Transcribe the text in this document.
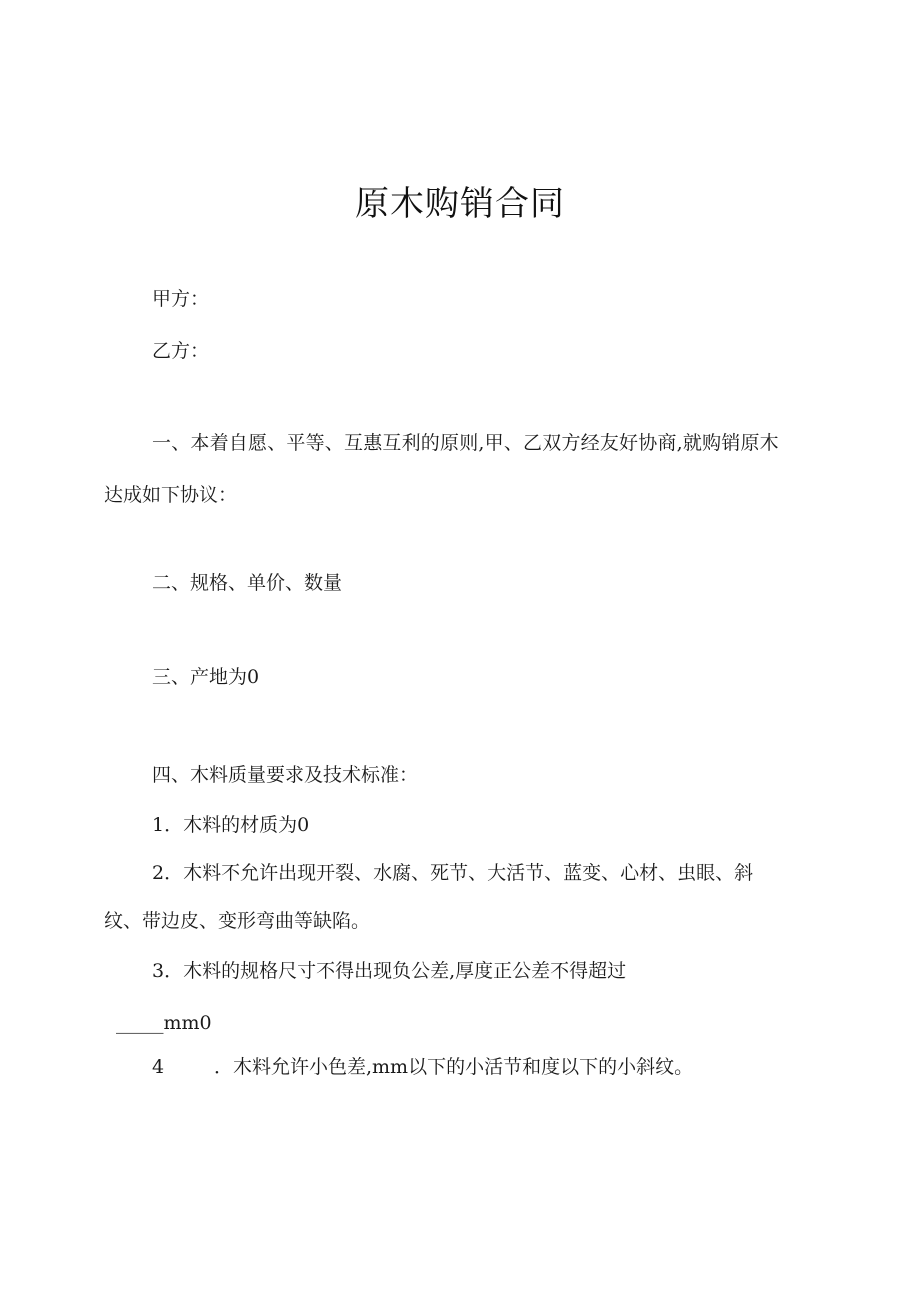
原木购销合同
甲方：
乙方：
一、本着自愿、平等、互惠互利的原则,甲、乙双方经友好协商,就购销原木
达成如下协议：
二、规格、单价、数量
三、产地为0
四、木料质量要求及技术标准：
1．木料的材质为0
2．木料不允许出现开裂、水腐、死节、大活节、蓝变、心材、虫眼、斜
纹、带边皮、变形弯曲等缺陷。
3．木料的规格尺寸不得出现负公差,厚度正公差不得超过
_____mm0
4	．木料允许小色差,mm以下的小活节和度以下的小斜纹。
